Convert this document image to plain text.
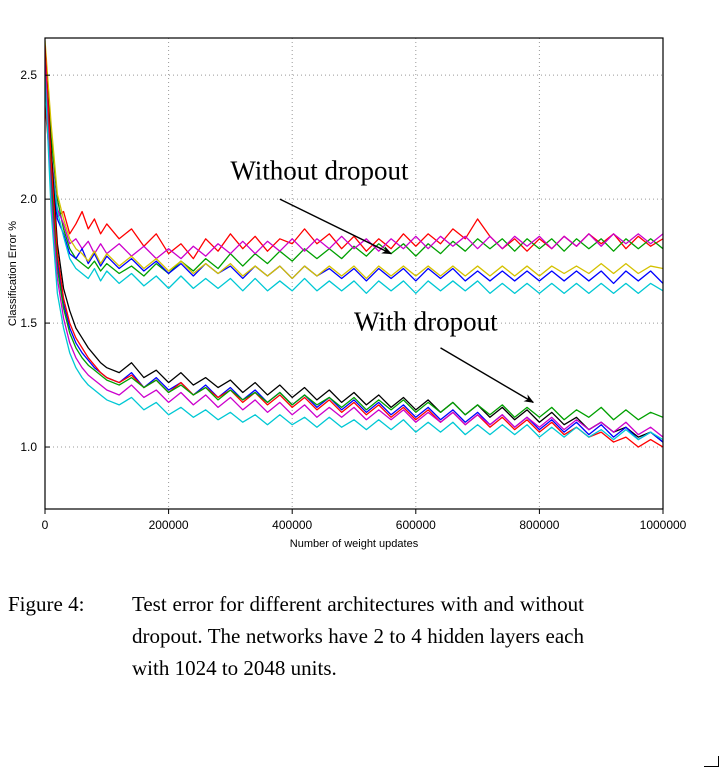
0	200000	400000	600000	800000	1000000
1.0
1.5
2.0
2.5
Number of weight updates
Classification Error %
Without dropout
With dropout
Figure 4: Test error for different architectures with and without dropout. The networks have 2 to 4 hidden layers each with 1024 to 2048 units.
